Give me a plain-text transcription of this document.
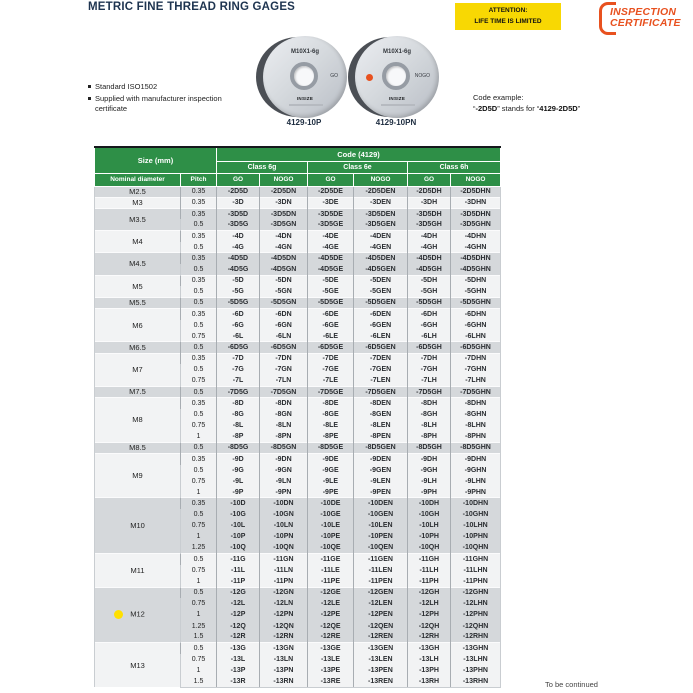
METRIC FINE THREAD RING GAGES	ATTENTION:
LIFE TIME IS LIMITED
INSPECTION
CERTIFICATE
Standard ISO1502
Supplied with manufacturer inspection certificate
M10X1-6g
GO
INSIZE
4129-10P
M10X1-6g
NOGO
INSIZE
4129-10PN
Code example:
“-2D5D” stands for “4129-2D5D”
Size (mm)		Code (4129)					
		Class 6g		Class 6e		Class 6h	
Nominal diameter	Pitch	GO	NOGO	GO	NOGO	GO	NOGO
M2.5	0.35	-2D5D	-2D5DN	-2D5DE	-2D5DEN	-2D5DH	-2D5DHN
M3	0.35	-3D	-3DN	-3DE	-3DEN	-3DH	-3DHN
M3.5	0.35	-3D5D	-3D5DN	-3D5DE	-3D5DEN	-3D5DH	-3D5DHN
	0.5	-3D5G	-3D5GN	-3D5GE	-3D5GEN	-3D5GH	-3D5GHN
M4	0.35	-4D	-4DN	-4DE	-4DEN	-4DH	-4DHN
	0.5	-4G	-4GN	-4GE	-4GEN	-4GH	-4GHN
M4.5	0.35	-4D5D	-4D5DN	-4D5DE	-4D5DEN	-4D5DH	-4D5DHN
	0.5	-4D5G	-4D5GN	-4D5GE	-4D5GEN	-4D5GH	-4D5GHN
M5	0.35	-5D	-5DN	-5DE	-5DEN	-5DH	-5DHN
	0.5	-5G	-5GN	-5GE	-5GEN	-5GH	-5GHN
M5.5	0.5	-5D5G	-5D5GN	-5D5GE	-5D5GEN	-5D5GH	-5D5GHN
M6	0.35	-6D	-6DN	-6DE	-6DEN	-6DH	-6DHN
	0.5	-6G	-6GN	-6GE	-6GEN	-6GH	-6GHN
	0.75	-6L	-6LN	-6LE	-6LEN	-6LH	-6LHN
M6.5	0.5	-6D5G	-6D5GN	-6D5GE	-6D5GEN	-6D5GH	-6D5GHN
M7	0.35	-7D	-7DN	-7DE	-7DEN	-7DH	-7DHN
	0.5	-7G	-7GN	-7GE	-7GEN	-7GH	-7GHN
	0.75	-7L	-7LN	-7LE	-7LEN	-7LH	-7LHN
M7.5	0.5	-7D5G	-7D5GN	-7D5GE	-7D5GEN	-7D5GH	-7D5GHN
M8	0.35	-8D	-8DN	-8DE	-8DEN	-8DH	-8DHN
	0.5	-8G	-8GN	-8GE	-8GEN	-8GH	-8GHN
	0.75	-8L	-8LN	-8LE	-8LEN	-8LH	-8LHN
	1	-8P	-8PN	-8PE	-8PEN	-8PH	-8PHN
M8.5	0.5	-8D5G	-8D5GN	-8D5GE	-8D5GEN	-8D5GH	-8D5GHN
M9	0.35	-9D	-9DN	-9DE	-9DEN	-9DH	-9DHN
	0.5	-9G	-9GN	-9GE	-9GEN	-9GH	-9GHN
	0.75	-9L	-9LN	-9LE	-9LEN	-9LH	-9LHN
	1	-9P	-9PN	-9PE	-9PEN	-9PH	-9PHN
M10	0.35	-10D	-10DN	-10DE	-10DEN	-10DH	-10DHN
	0.5	-10G	-10GN	-10GE	-10GEN	-10GH	-10GHN
	0.75	-10L	-10LN	-10LE	-10LEN	-10LH	-10LHN
	1	-10P	-10PN	-10PE	-10PEN	-10PH	-10PHN
	1.25	-10Q	-10QN	-10QE	-10QEN	-10QH	-10QHN
M11	0.5	-11G	-11GN	-11GE	-11GEN	-11GH	-11GHN
	0.75	-11L	-11LN	-11LE	-11LEN	-11LH	-11LHN
	1	-11P	-11PN	-11PE	-11PEN	-11PH	-11PHN
M12	0.5	-12G	-12GN	-12GE	-12GEN	-12GH	-12GHN
	0.75	-12L	-12LN	-12LE	-12LEN	-12LH	-12LHN
	1	-12P	-12PN	-12PE	-12PEN	-12PH	-12PHN
	1.25	-12Q	-12QN	-12QE	-12QEN	-12QH	-12QHN
	1.5	-12R	-12RN	-12RE	-12REN	-12RH	-12RHN
M13	0.5	-13G	-13GN	-13GE	-13GEN	-13GH	-13GHN
	0.75	-13L	-13LN	-13LE	-13LEN	-13LH	-13LHN
	1	-13P	-13PN	-13PE	-13PEN	-13PH	-13PHN
	1.5	-13R	-13RN	-13RE	-13REN	-13RH	-13RHN	To be continued
